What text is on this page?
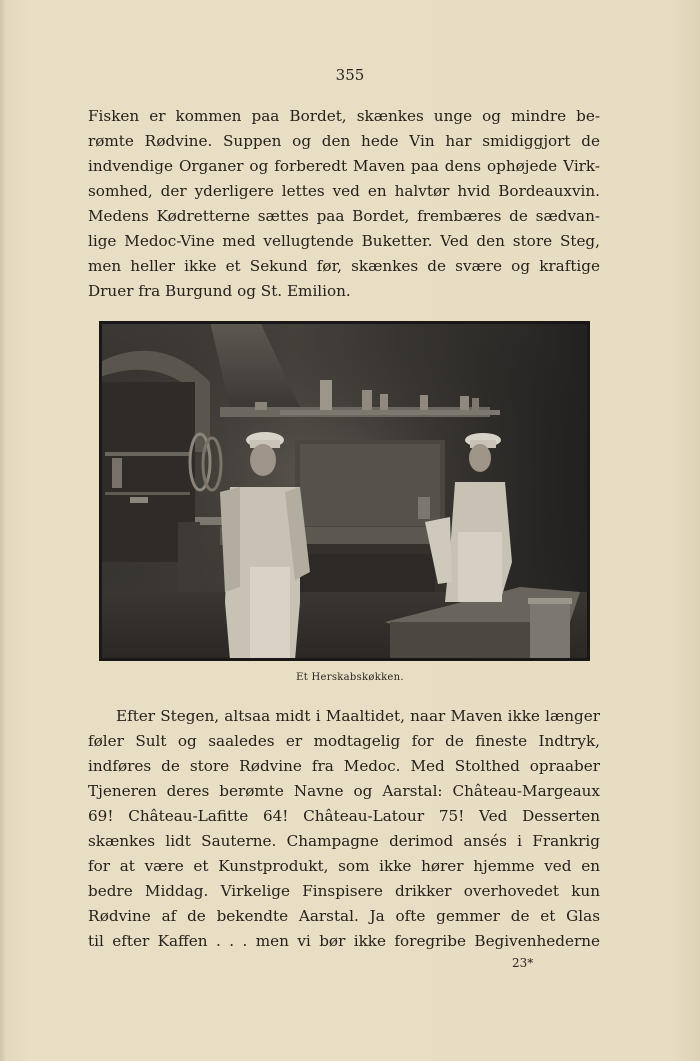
355
Fisken er kommen paa Bordet, skænkes unge og mindre be-
rømte Rødvine. Suppen og den hede Vin har smidiggjort de
indvendige Organer og forberedt Maven paa dens ophøjede Virk-
somhed, der yderligere lettes ved en halvtør hvid Bordeauxvin.
Medens Kødretterne sættes paa Bordet, frembæres de sædvan-
lige Medoc-Vine med vellugtende Buketter. Ved den store Steg,
men heller ikke et Sekund før, skænkes de svære og kraftige
Druer fra Burgund og St. Emilion.
Et Herskabskøkken.
Efter Stegen, altsaa midt i Maaltidet, naar Maven ikke længer
føler Sult og saaledes er modtagelig for de fineste Indtryk,
indføres de store Rødvine fra Medoc. Med Stolthed opraaber
Tjeneren deres berømte Navne og Aarstal: Château-Margeaux
69! Château-Lafitte 64! Château-Latour 75! Ved Desserten
skænkes lidt Sauterne. Champagne derimod ansés i Frankrig
for at være et Kunstprodukt, som ikke hører hjemme ved en
bedre Middag. Virkelige Finspisere drikker overhovedet kun
Rødvine af de bekendte Aarstal. Ja ofte gemmer de et Glas
til efter Kaffen . . . men vi bør ikke foregribe Begivenhederne
23*
